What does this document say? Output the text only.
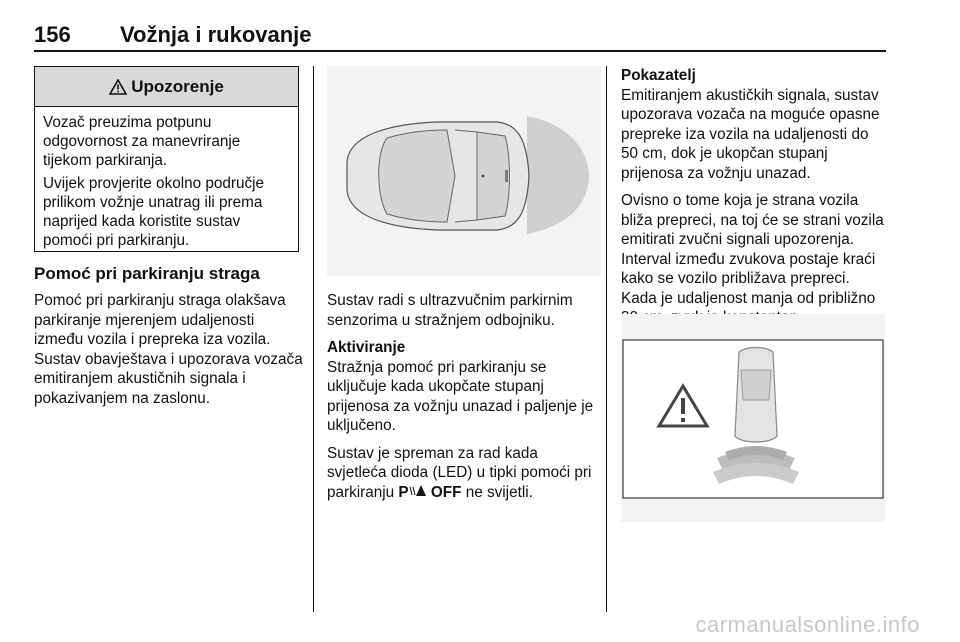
156 Vožnja i rukovanje
Upozorenje

Vozač preuzima potpunu odgovornost za manevriranje tijekom parkiranja.

Uvijek provjerite okolno područje prilikom vožnje unatrag ili prema naprijed kada koristite sustav pomoći pri parkiranju.

Pomoć pri parkiranju straga
Pomoć pri parkiranju straga olakšava parkiranje mjerenjem udaljenosti između vozila i prepreka iza vozila. Sustav obavještava i upozorava vozača emitiranjem akustičnih signala i pokazivanjem na zaslonu.

Sustav radi s ultrazvučnim parkirnim senzorima u stražnjem odbojniku.

Aktiviranje

Stražnja pomoć pri parkiranju se uključuje kada ukopčate stupanj prijenosa za vožnju unazad i paljenje je uključeno.

Sustav je spreman za rad kada svjetleća dioda (LED) u tipki pomoći pri parkiranju P OFF ne svijetli.

Pokazatelj

Emitiranjem akustičkih signala, sustav upozorava vozača na moguće opasne prepreke iza vozila na udaljenosti do 50 cm, dok je ukopčan stupanj prijenosa za vožnju unazad.

Ovisno o tome koja je strana vozila bliža prepreci, na toj će se strani vozila emitirati zvučni signali upozorenja. Interval između zvukova postaje kraći kako se vozilo približava prepreci. Kada je udaljenost manja od približno

carmanualsonline.info
